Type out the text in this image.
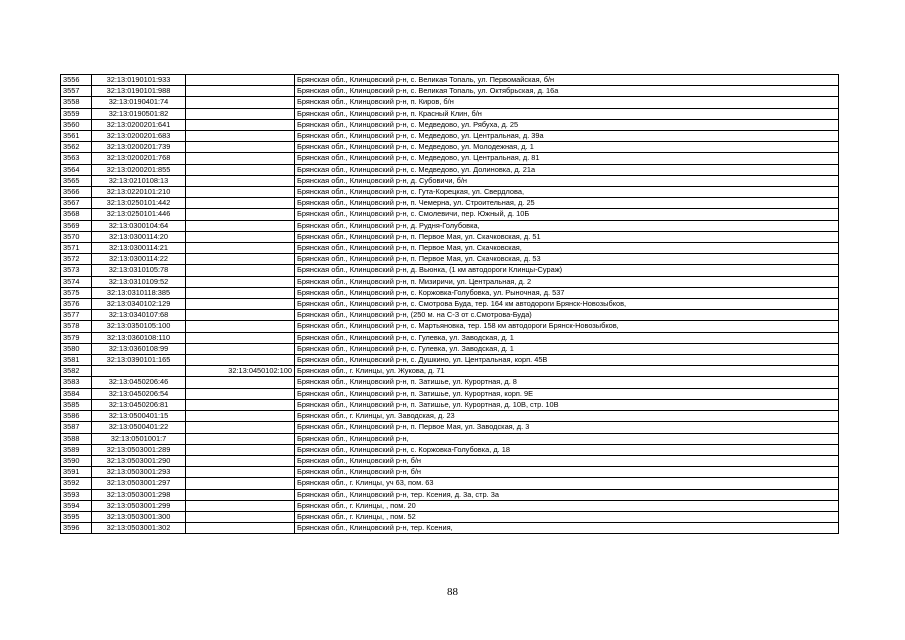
3556	32:13:0190101:933		Брянская обл., Клинцовский р-н, с. Великая Топаль, ул. Первомайская, б/н
3557	32:13:0190101:988		Брянская обл., Клинцовский р-н, с. Великая Топаль, ул. Октябрьская, д. 16а
3558	32:13:0190401:74		Брянская обл., Клинцовский р-н, п. Киров, б/н
3559	32:13:0190501:82		Брянская обл., Клинцовский р-н, п. Красный Клин, б/н
3560	32:13:0200201:641		Брянская обл., Клинцовский р-н, с. Медведово, ул. Рябуха, д. 25
3561	32:13:0200201:683		Брянская обл., Клинцовский р-н, с. Медведово, ул. Центральная, д. 39а
3562	32:13:0200201:739		Брянская обл., Клинцовский р-н, с. Медведово, ул. Молодежная, д. 1
3563	32:13:0200201:768		Брянская обл., Клинцовский р-н, с. Медведово, ул. Центральная, д. 81
3564	32:13:0200201:855		Брянская обл., Клинцовский р-н, с. Медведово, ул. Долиновка, д. 21а
3565	32:13:0210108:13		Брянская обл., Клинцовский р-н, д. Субовичи, б/н
3566	32:13:0220101:210		Брянская обл., Клинцовский р-н, с. Гута-Корецкая, ул. Свердлова,
3567	32:13:0250101:442		Брянская обл., Клинцовский р-н, п. Чемерна, ул. Строительная, д. 25
3568	32:13:0250101:446		Брянская обл., Клинцовский р-н, с. Смолевичи, пер. Южный, д. 10Б
3569	32:13:0300104:64		Брянская обл., Клинцовский р-н, д. Рудня-Голубовка,
3570	32:13:0300114:20		Брянская обл., Клинцовский р-н, п. Первое Мая, ул. Скачковская, д. 51
3571	32:13:0300114:21		Брянская обл., Клинцовский р-н, п. Первое Мая, ул. Скачковская,
3572	32:13:0300114:22		Брянская обл., Клинцовский р-н, п. Первое Мая, ул. Скачковская, д. 53
3573	32:13:0310105:78		Брянская обл., Клинцовский р-н, д. Вьюнка, (1 км автодороги Клинцы-Сураж)
3574	32:13:0310109:52		Брянская обл., Клинцовский р-н, п. Мизиричи, ул. Центральная, д. 2
3575	32:13:0310118:385		Брянская обл., Клинцовский р-н, с. Коржовка-Голубовка, ул. Рыночная, д. 537
3576	32:13:0340102:129		Брянская обл., Клинцовский р-н, с. Смотрова Буда, тер. 164 км автодороги Брянск-Новозыбков,
3577	32:13:0340107:68		Брянская обл., Клинцовский р-н, (250 м. на С-З от с.Смотрова-Буда)
3578	32:13:0350105:100		Брянская обл., Клинцовский р-н, с. Мартьяновка, тер. 158 км автодороги Брянск-Новозыбков,
3579	32:13:0360108:110		Брянская обл., Клинцовский р-н, с. Гулевка, ул. Заводская, д. 1
3580	32:13:0360108:99		Брянская обл., Клинцовский р-н, с. Гулевка, ул. Заводская, д. 1
3581	32:13:0390101:165		Брянская обл., Клинцовский р-н, с. Душкино, ул. Центральная, корп. 45В
3582		32:13:0450102:100	Брянская обл., г. Клинцы, ул. Жукова, д. 71
3583	32:13:0450206:46		Брянская обл., Клинцовский р-н, п. Затишье, ул. Курортная, д. 8
3584	32:13:0450206:54		Брянская обл., Клинцовский р-н, п. Затишье, ул. Курортная, корп. 9Е
3585	32:13:0450206:81		Брянская обл., Клинцовский р-н, п. Затишье, ул. Курортная, д. 10В, стр. 10В
3586	32:13:0500401:15		Брянская обл., г. Клинцы, ул. Заводская, д. 23
3587	32:13:0500401:22		Брянская обл., Клинцовский р-н, п. Первое Мая, ул. Заводская, д. 3
3588	32:13:0501001:7		Брянская обл., Клинцовский р-н,
3589	32:13:0503001:289		Брянская обл., Клинцовский р-н, с. Коржовка-Голубовка, д. 18
3590	32:13:0503001:290		Брянская обл., Клинцовский р-н, б/н
3591	32:13:0503001:293		Брянская обл., Клинцовский р-н, б/н
3592	32:13:0503001:297		Брянская обл., г. Клинцы, уч 63, пом. 63
3593	32:13:0503001:298		Брянская обл., Клинцовский р-н, тер. Ксения, д. 3а, стр. 3а
3594	32:13:0503001:299		Брянская обл., г. Клинцы, , пом. 20
3595	32:13:0503001:300		Брянская обл., г. Клинцы, , пом. 52
3596	32:13:0503001:302		Брянская обл., Клинцовский р-н, тер. Ксения,
88
